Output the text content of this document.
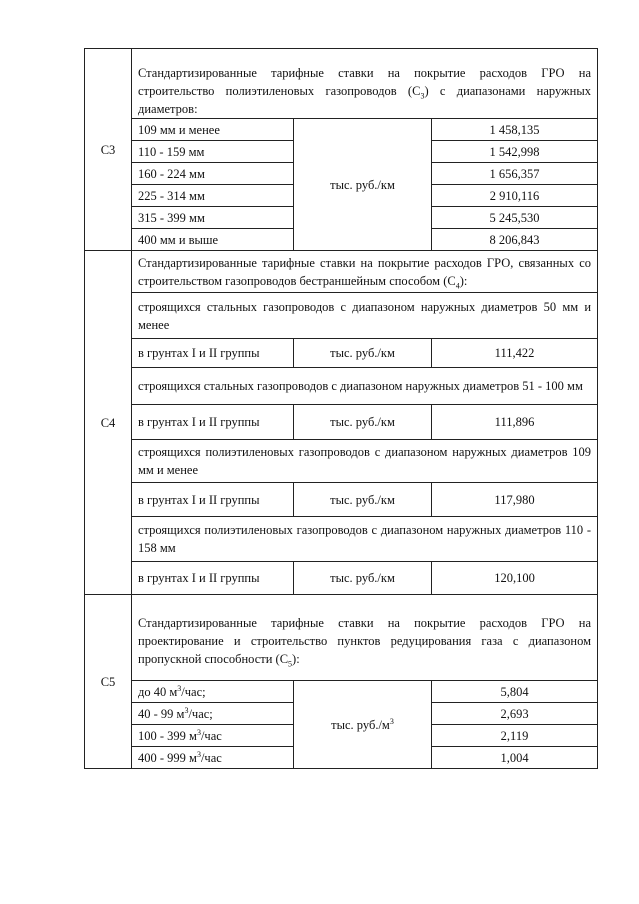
C3	Стандартизированные тарифные ставки на покрытие расходов ГРО на строительство полиэтиленовых газопроводов $(C_3)$ с диапазонами наружных диаметров:		
	109 мм и менее	тыс. руб./км	1 458,135
	110 - 159 мм		1 542,998
	160 - 224 мм		1 656,357
	225 - 314 мм		2 910,116
	315 - 399 мм		5 245,530
	400 мм и выше		8 206,843
C4	Стандартизированные тарифные ставки на покрытие расходов ГРО, связанных со строительством газопроводов бестраншейным способом $(C_4)$:		
	строящихся стальных газопроводов с диапазоном наружных диаметров 50 мм и менее		
	в грунтах I и II группы	тыс. руб./км	111,422
	строящихся стальных газопроводов с диапазоном наружных диаметров 51 - 100 мм		
	в грунтах I и II группы	тыс. руб./км	111,896
	строящихся полиэтиленовых газопроводов с диапазоном наружных диаметров 109 мм и менее		
	в грунтах I и II группы	тыс. руб./км	117,980
	строящихся полиэтиленовых газопроводов с диапазоном наружных диаметров 110 - 158 мм		
	в грунтах I и II группы	тыс. руб./км	120,100
C5	Стандартизированные тарифные ставки на покрытие расходов ГРО на проектирование и строительство пунктов редуцирования газа с диапазоном пропускной способности $(C_5)$:		
	до 40 $м^3$/час;	тыс. $руб./м^3$	5,804
	40 - 99 $м^3$/час;		2,693
	100 - 399 $м^3$/час		2,119
	400 - 999 $м^3$/час		1,004
